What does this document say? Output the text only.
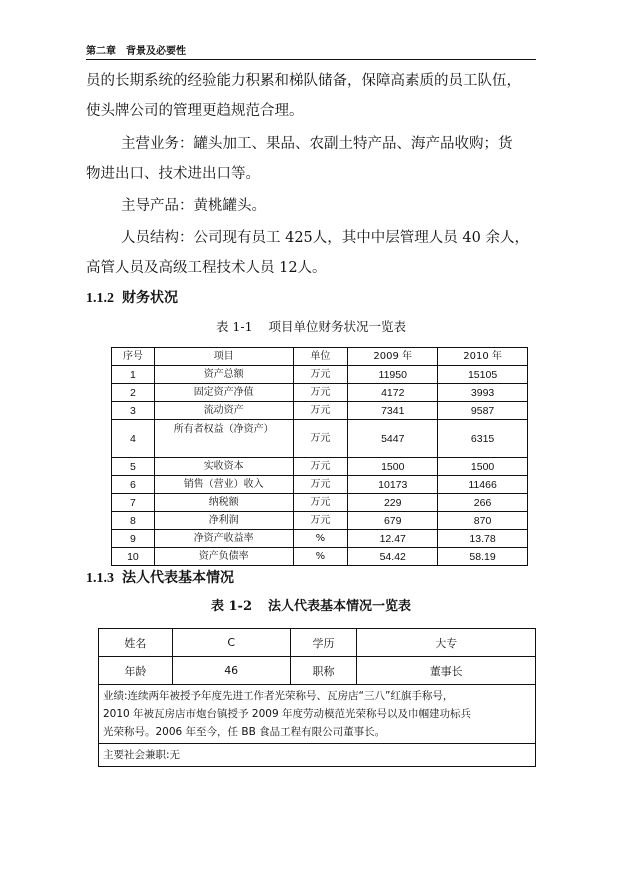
第二章　背景及必要性
员的长期系统的经验能力积累和梯队储备，保障高素质的员工队伍，
使头牌公司的管理更趋规范合理。
主营业务：罐头加工、果品、农副土特产品、海产品收购；货
物进出口、技术进出口等。
主导产品：黄桃罐头。
人员结构：公司现有员工 425人，其中中层管理人员 40 余人，
高管人员及高级工程技术人员 12人。
1.1.2 财务状况
表 1-1 项目单位财务状况一览表
序号	项目	单位	2009 年	2010 年
1	资产总额	万元	11950	15105
2	固定资产净值	万元	4172	3993
3	流动资产	万元	7341	9587
4	所有者权益（净资产）	万元	5447	6315
5	实收资本	万元	1500	1500
6	销售（营业）收入	万元	10173	11466
7	纳税额	万元	229	266
8	净利润	万元	679	870
9	净资产收益率	%	12.47	13.78
10	资产负债率	%	54.42	58.19
1.1.3 法人代表基本情况
表 1-2 法人代表基本情况一览表
姓名	C	学历	大专
年龄	46	职称	董事长

业绩:连续两年被授予年度先进工作者光荣称号、瓦房店“三八”红旗手称号，
2010 年被瓦房店市炮台镇授予 2009 年度劳动模范光荣称号以及巾帼建功标兵
光荣称号。2006 年至今，任 BB 食品工程有限公司董事长。			

主要社会兼职:无			
